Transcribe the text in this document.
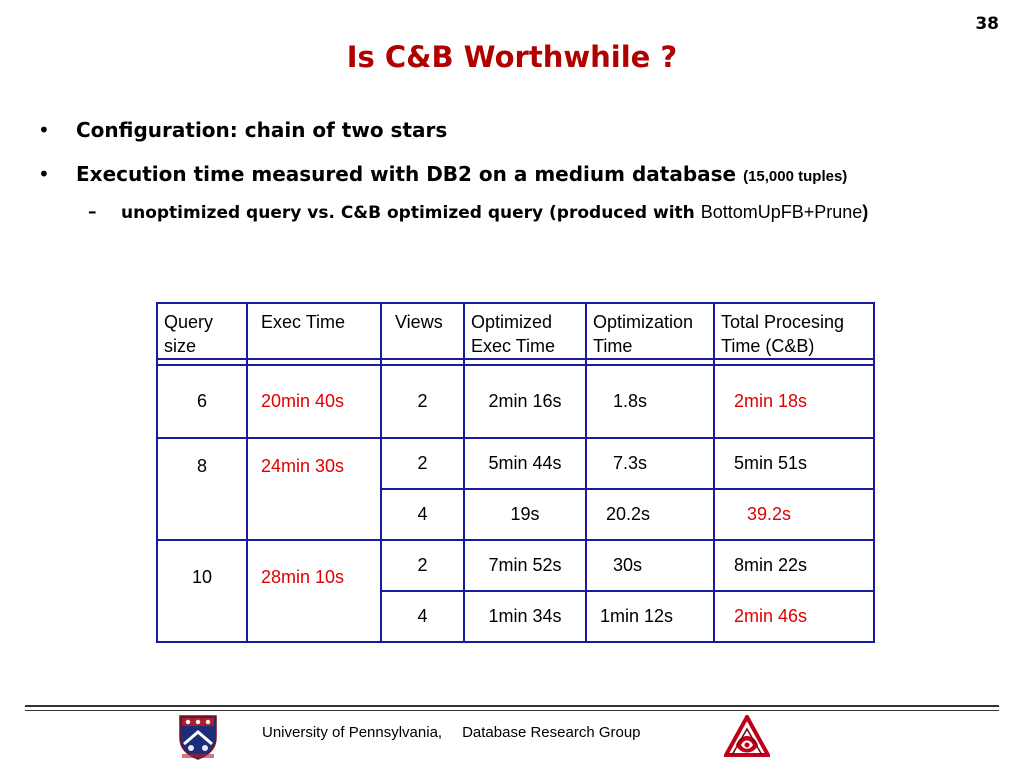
38
Is C&B Worthwhile ?
• Configuration: chain of two stars
• Execution time measured with DB2 on a medium database (15,000 tuples)
– unoptimized query vs. C&B optimized query (produced with BottomUpFB+Prune)
Query size	Exec Time	Views	Optimized Exec Time	Optimization Time	Total Procesing Time (C&B)

6	20min 40s	2	2min 16s	1.8s	2min 18s
8	24min 30s	2	5min 44s	7.3s	5min 51s
		4	19s	20.2s	39.2s
10	28min 10s	2	7min 52s	30s	8min 22s
		4	1min 34s	1min 12s	2min 46s
University of Pennsylvania, Database Research Group
